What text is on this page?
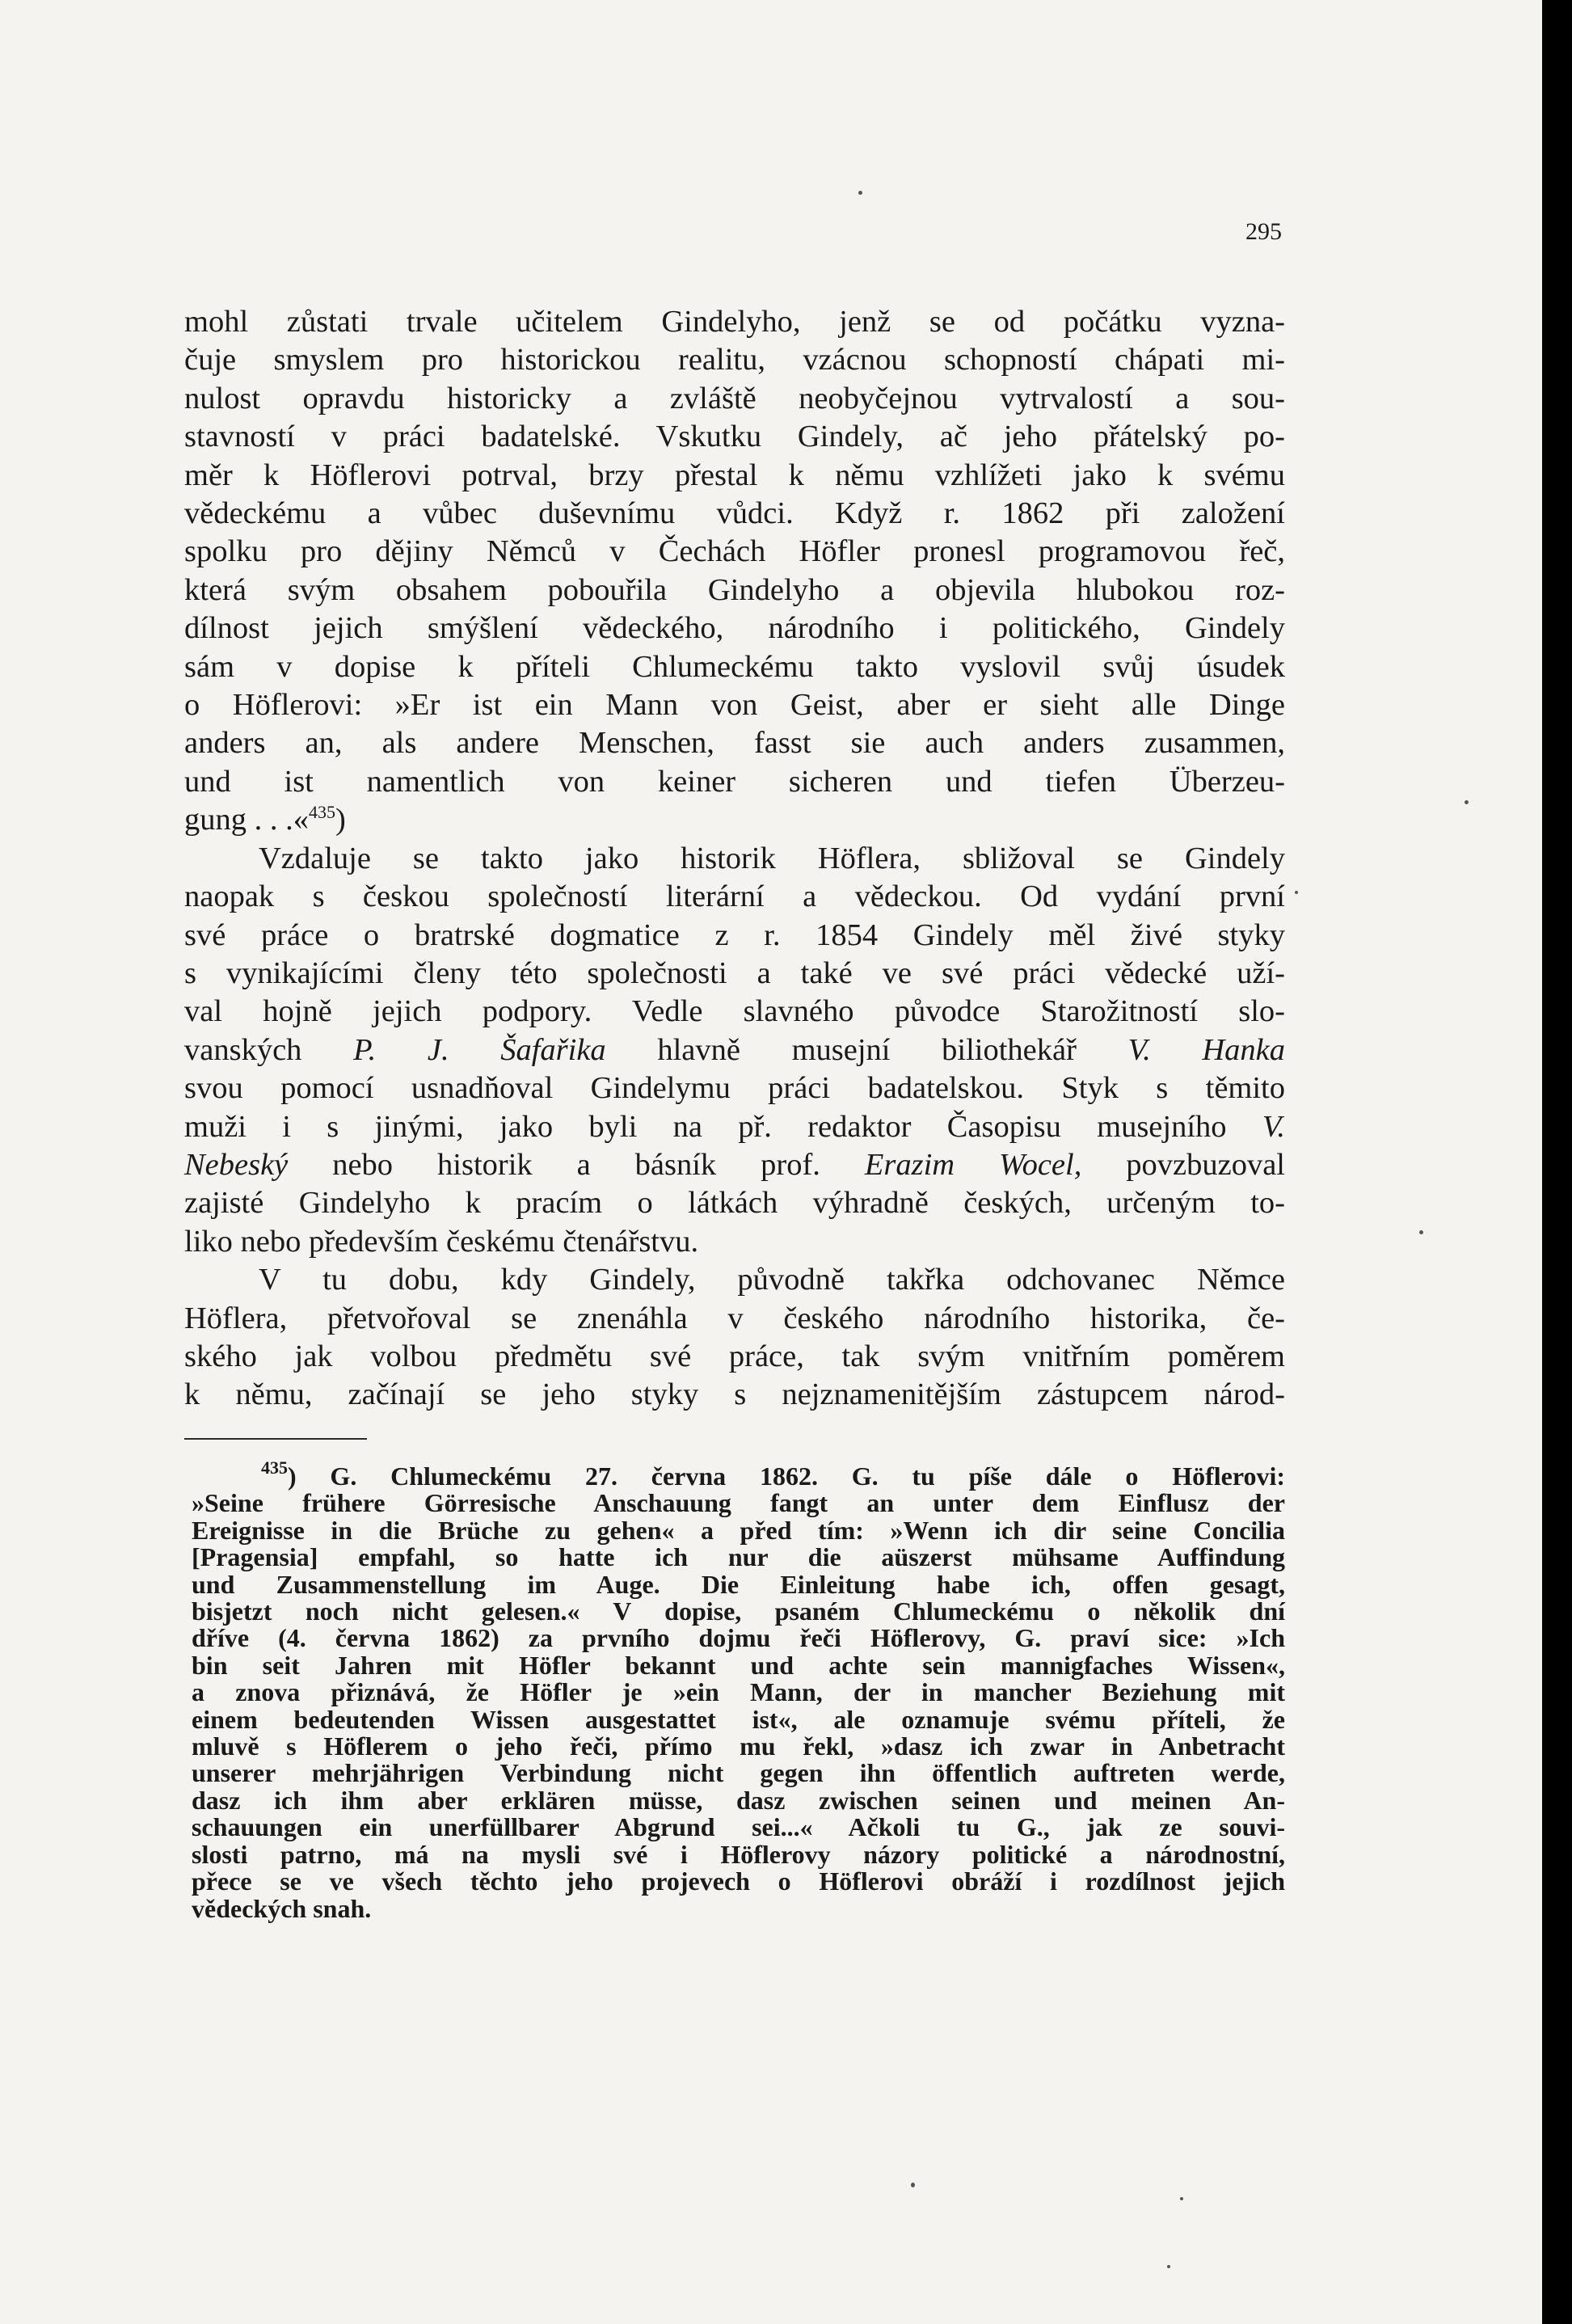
295
mohl zůstati trvale učitelem Gindelyho, jenž se od počátku vyzna-
čuje smyslem pro historickou realitu, vzácnou schopností chápati mi-
nulost opravdu historicky a zvláště neobyčejnou vytrvalostí a sou-
stavností v práci badatelské. Vskutku Gindely, ač jeho přátelský po-
měr k Höflerovi potrval, brzy přestal k němu vzhlížeti jako k svému
vědeckému a vůbec duševnímu vůdci. Když r. 1862 při založení
spolku pro dějiny Němců v Čechách Höfler pronesl programovou řeč,
která svým obsahem pobouřila Gindelyho a objevila hlubokou roz-
dílnost jejich smýšlení vědeckého, národního i politického, Gindely
sám v dopise k příteli Chlumeckému takto vyslovil svůj úsudek
o Höflerovi: »Er ist ein Mann von Geist, aber er sieht alle Dinge
anders an, als andere Menschen, fasst sie auch anders zusammen,
und ist namentlich von keiner sicheren und tiefen Überzeu-
gung . . .«$^{435}$)
Vzdaluje se takto jako historik Höflera, sbližoval se Gindely
naopak s českou společností literární a vědeckou. Od vydání první
své práce o bratrské dogmatice z r. 1854 Gindely měl živé styky
s vynikajícími členy této společnosti a také ve své práci vědecké uží-
val hojně jejich podpory. Vedle slavného původce Starožitností slo-
vanských P. J. Šafařika hlavně musejní biliothekář V. Hanka
svou pomocí usnadňoval Gindelymu práci badatelskou. Styk s těmito
muži i s jinými, jako byli na př. redaktor Časopisu musejního V.
Nebeský nebo historik a básník prof. Erazim Wocel, povzbuzoval
zajisté Gindelyho k pracím o látkách výhradně českých, určeným to-
liko nebo především českému čtenářstvu.
V tu dobu, kdy Gindely, původně takřka odchovanec Němce
Höflera, přetvořoval se znenáhla v českého národního historika, če-
ského jak volbou předmětu své práce, tak svým vnitřním poměrem
k němu, začínají se jeho styky s nejznamenitějším zástupcem národ-
$^{435}$) G. Chlumeckému 27. června 1862. G. tu píše dále o Höflerovi:
»Seine frühere Görresische Anschauung fangt an unter dem Einflusz der
Ereignisse in die Brüche zu gehen« a před tím: »Wenn ich dir seine Concilia
[Pragensia] empfahl, so hatte ich nur die aüszerst mühsame Auffindung
und Zusammenstellung im Auge. Die Einleitung habe ich, offen gesagt,
bisjetzt noch nicht gelesen.« V dopise, psaném Chlumeckému o několik dní
dříve (4. června 1862) za prvního dojmu řeči Höflerovy, G. praví sice: »Ich
bin seit Jahren mit Höfler bekannt und achte sein mannigfaches Wissen«,
a znova přiznává, že Höfler je »ein Mann, der in mancher Beziehung mit
einem bedeutenden Wissen ausgestattet ist«, ale oznamuje svému příteli, že
mluvě s Höflerem o jeho řeči, přímo mu řekl, »dasz ich zwar in Anbetracht
unserer mehrjährigen Verbindung nicht gegen ihn öffentlich auftreten werde,
dasz ich ihm aber erklären müsse, dasz zwischen seinen und meinen An-
schauungen ein unerfüllbarer Abgrund sei...« Ačkoli tu G., jak ze souvi-
slosti patrno, má na mysli své i Höflerovy názory politické a národnostní,
přece se ve všech těchto jeho projevech o Höflerovi obráží i rozdílnost jejich
vědeckých snah.
